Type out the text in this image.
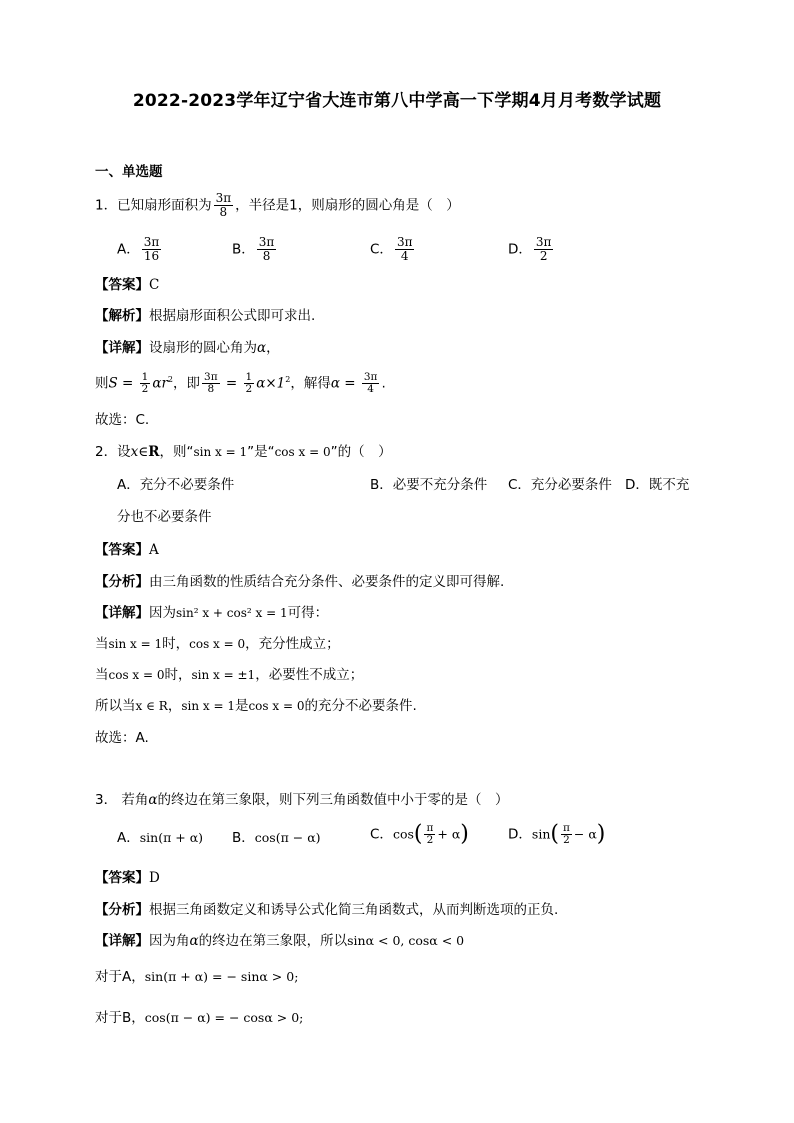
2022-2023学年辽宁省大连市第八中学高一下学期4月月考数学试题
一、单选题
1．已知扇形面积为 $\frac{3\pi}{8}$ ，半径是1，则扇形的圆心角是（　）
A． $\frac{3\pi}{16}$	B． $\frac{3\pi}{8}$	C． $\frac{3\pi}{4}$	D． $\frac{3\pi}{2}$
【答案】C
【解析】根据扇形面积公式即可求出.
【详解】设扇形的圆心角为α，
则$S = \frac{1}{2} \alpha r^2$，即 $\frac{3\pi}{8} = \frac{1}{2} \alpha\times 1^2$，解得$\alpha = \frac{3\pi}{4}$ .
故选：C.
2．设x∈R，则“sin x = 1”是“cos x = 0”的（　）
A．充分不必要条件	B．必要不充分条件 C．充分必要条件 D．既不充
分也不必要条件
【答案】A
【分析】由三角函数的性质结合充分条件、必要条件的定义即可得解.
【详解】因为sin² x + cos² x = 1可得：
当sin x = 1时，cos x = 0，充分性成立；
当cos x = 0时，sin x = ±1，必要性不成立；
所以当x ∈ R，sin x = 1是cos x = 0的充分不必要条件.
故选：A.
3． 若角α的终边在第三象限，则下列三角函数值中小于零的是（　）
A．sin(π + α) B．cos(π − α)	C．$\cos( \frac{\pi}{2} + \alpha)$	D．$\sin( \frac{\pi}{2} - \alpha)$
【答案】D
【分析】根据三角函数定义和诱导公式化简三角函数式，从而判断选项的正负.
【详解】因为角α的终边在第三象限，所以sinα < 0, cosα < 0
对于A，sin(π + α) = − sinα > 0;
对于B，cos(π − α) = − cosα > 0;
